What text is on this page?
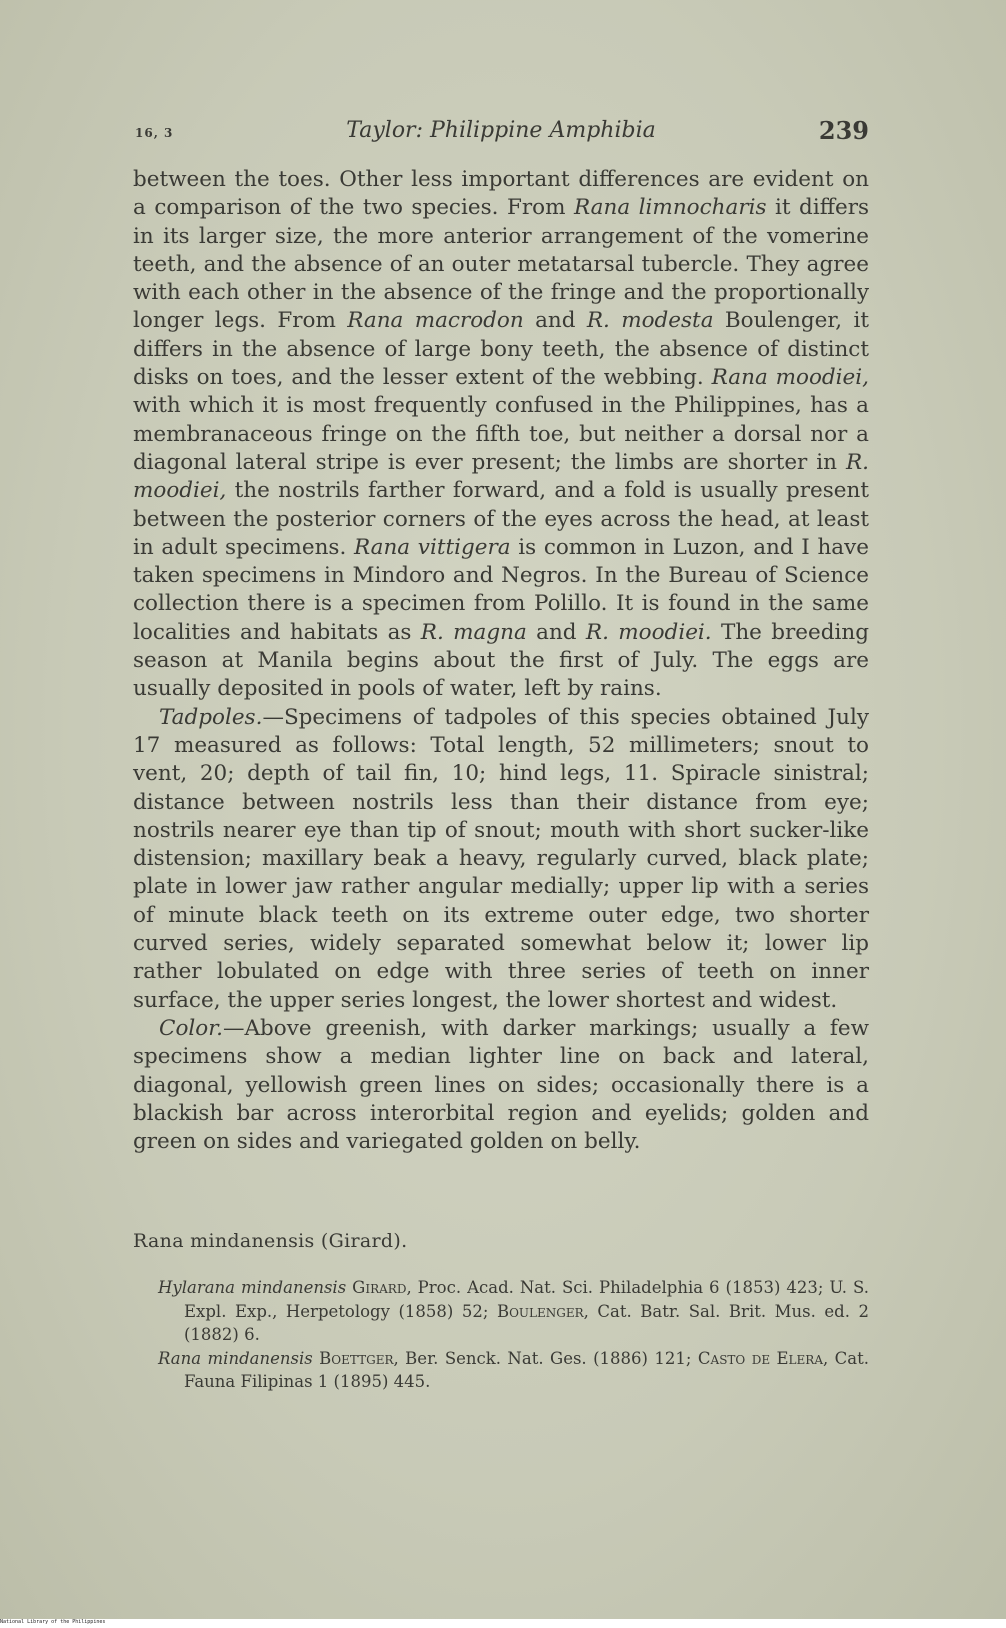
16, 3	Taylor: Philippine Amphibia	239

between the toes. Other less important differences are evident on a comparison of the two species. From Rana limnocharis it differs in its larger size, the more anterior arrangement of the vomerine teeth, and the absence of an outer metatarsal tubercle. They agree with each other in the absence of the fringe and the proportionally longer legs. From Rana macrodon and R. modesta Boulenger, it differs in the absence of large bony teeth, the absence of distinct disks on toes, and the lesser extent of the webbing. Rana moodiei, with which it is most frequently confused in the Philippines, has a membranaceous fringe on the fifth toe, but neither a dorsal nor a diagonal lateral stripe is ever present; the limbs are shorter in R. moodiei, the nostrils farther forward, and a fold is usually present between the posterior corners of the eyes across the head, at least in adult specimens. Rana vittigera is common in Luzon, and I have taken specimens in Mindoro and Negros. In the Bureau of Science collection there is a specimen from Polillo. It is found in the same localities and habitats as R. magna and R. moodiei. The breeding season at Manila begins about the first of July. The eggs are usually deposited in pools of water, left by rains.

Tadpoles.—Specimens of tadpoles of this species obtained July 17 measured as follows: Total length, 52 millimeters; snout to vent, 20; depth of tail fin, 10; hind legs, 11. Spiracle sinistral; distance between nostrils less than their distance from eye; nostrils nearer eye than tip of snout; mouth with short sucker-like distension; maxillary beak a heavy, regularly curved, black plate; plate in lower jaw rather angular medially; upper lip with a series of minute black teeth on its extreme outer edge, two shorter curved series, widely separated somewhat below it; lower lip rather lobulated on edge with three series of teeth on inner surface, the upper series longest, the lower shortest and widest.

Color.—Above greenish, with darker markings; usually a few specimens show a median lighter line on back and lateral, diagonal, yellowish green lines on sides; occasionally there is a blackish bar across interorbital region and eyelids; golden and green on sides and variegated golden on belly.

Rana mindanensis (Girard).
Hylarana mindanensis Girard, Proc. Acad. Nat. Sci. Philadelphia 6 (1853) 423; U. S. Expl. Exp., Herpetology (1858) 52; Boulenger, Cat. Batr. Sal. Brit. Mus. ed. 2 (1882) 6.
Rana mindanensis Boettger, Ber. Senck. Nat. Ges. (1886) 121; Casto de Elera, Cat. Fauna Filipinas 1 (1895) 445.
National Library of the Philippines
